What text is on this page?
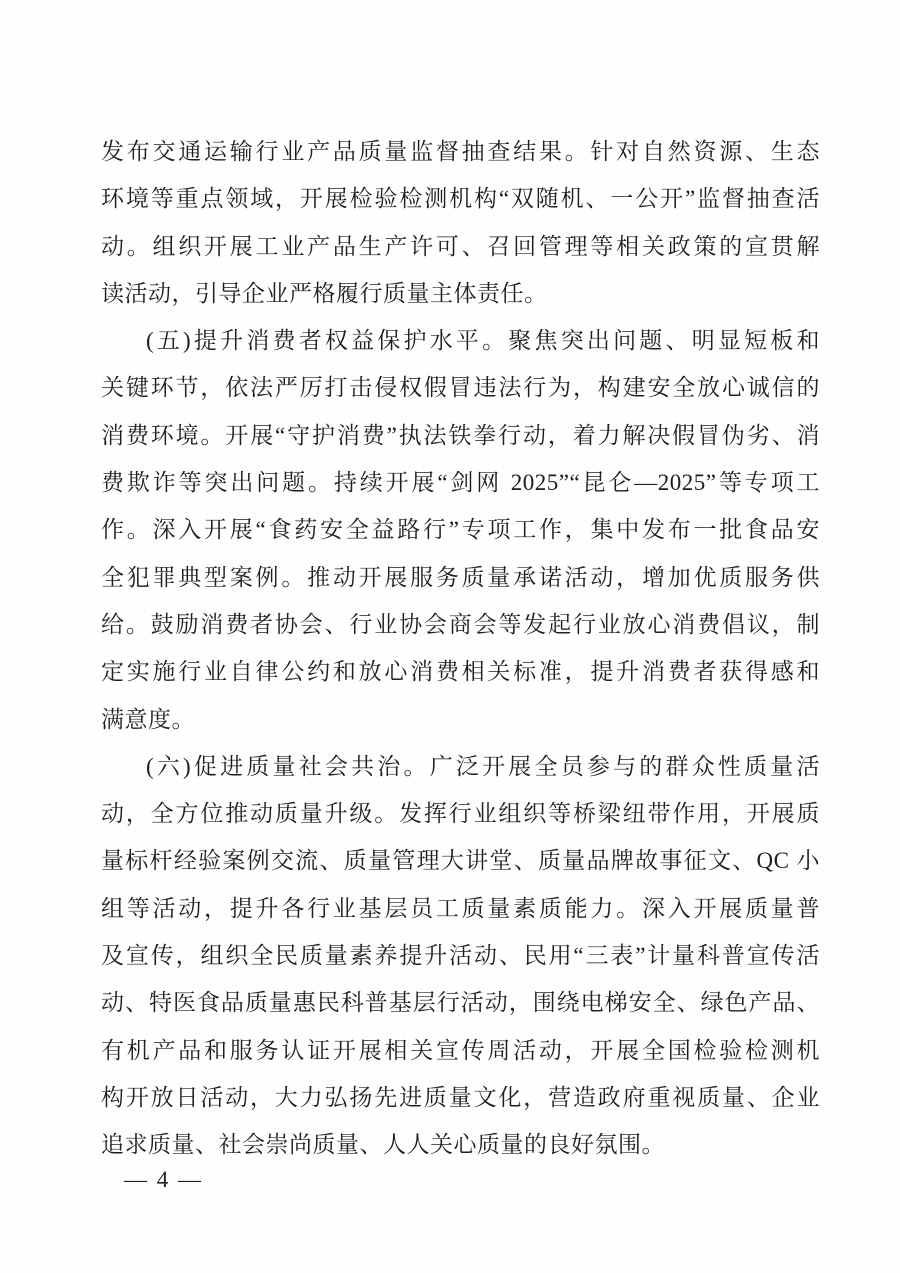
发布交通运输行业产品质量监督抽查结果。针对自然资源、生态
环境等重点领域，开展检验检测机构“双随机、一公开”监督抽查活
动。组织开展工业产品生产许可、召回管理等相关政策的宣贯解
读活动，引导企业严格履行质量主体责任。
(五)提升消费者权益保护水平。聚焦突出问题、明显短板和
关键环节，依法严厉打击侵权假冒违法行为，构建安全放心诚信的
消费环境。开展“守护消费”执法铁拳行动，着力解决假冒伪劣、消
费欺诈等突出问题。持续开展“剑网 2025”“昆仑—2025”等专项工
作。深入开展“食药安全益路行”专项工作，集中发布一批食品安
全犯罪典型案例。推动开展服务质量承诺活动，增加优质服务供
给。鼓励消费者协会、行业协会商会等发起行业放心消费倡议，制
定实施行业自律公约和放心消费相关标准，提升消费者获得感和
满意度。
(六)促进质量社会共治。广泛开展全员参与的群众性质量活
动，全方位推动质量升级。发挥行业组织等桥梁纽带作用，开展质
量标杆经验案例交流、质量管理大讲堂、质量品牌故事征文、QC 小
组等活动，提升各行业基层员工质量素质能力。深入开展质量普
及宣传，组织全民质量素养提升活动、民用“三表”计量科普宣传活
动、特医食品质量惠民科普基层行活动，围绕电梯安全、绿色产品、
有机产品和服务认证开展相关宣传周活动，开展全国检验检测机
构开放日活动，大力弘扬先进质量文化，营造政府重视质量、企业
追求质量、社会崇尚质量、人人关心质量的良好氛围。
— 4 —
